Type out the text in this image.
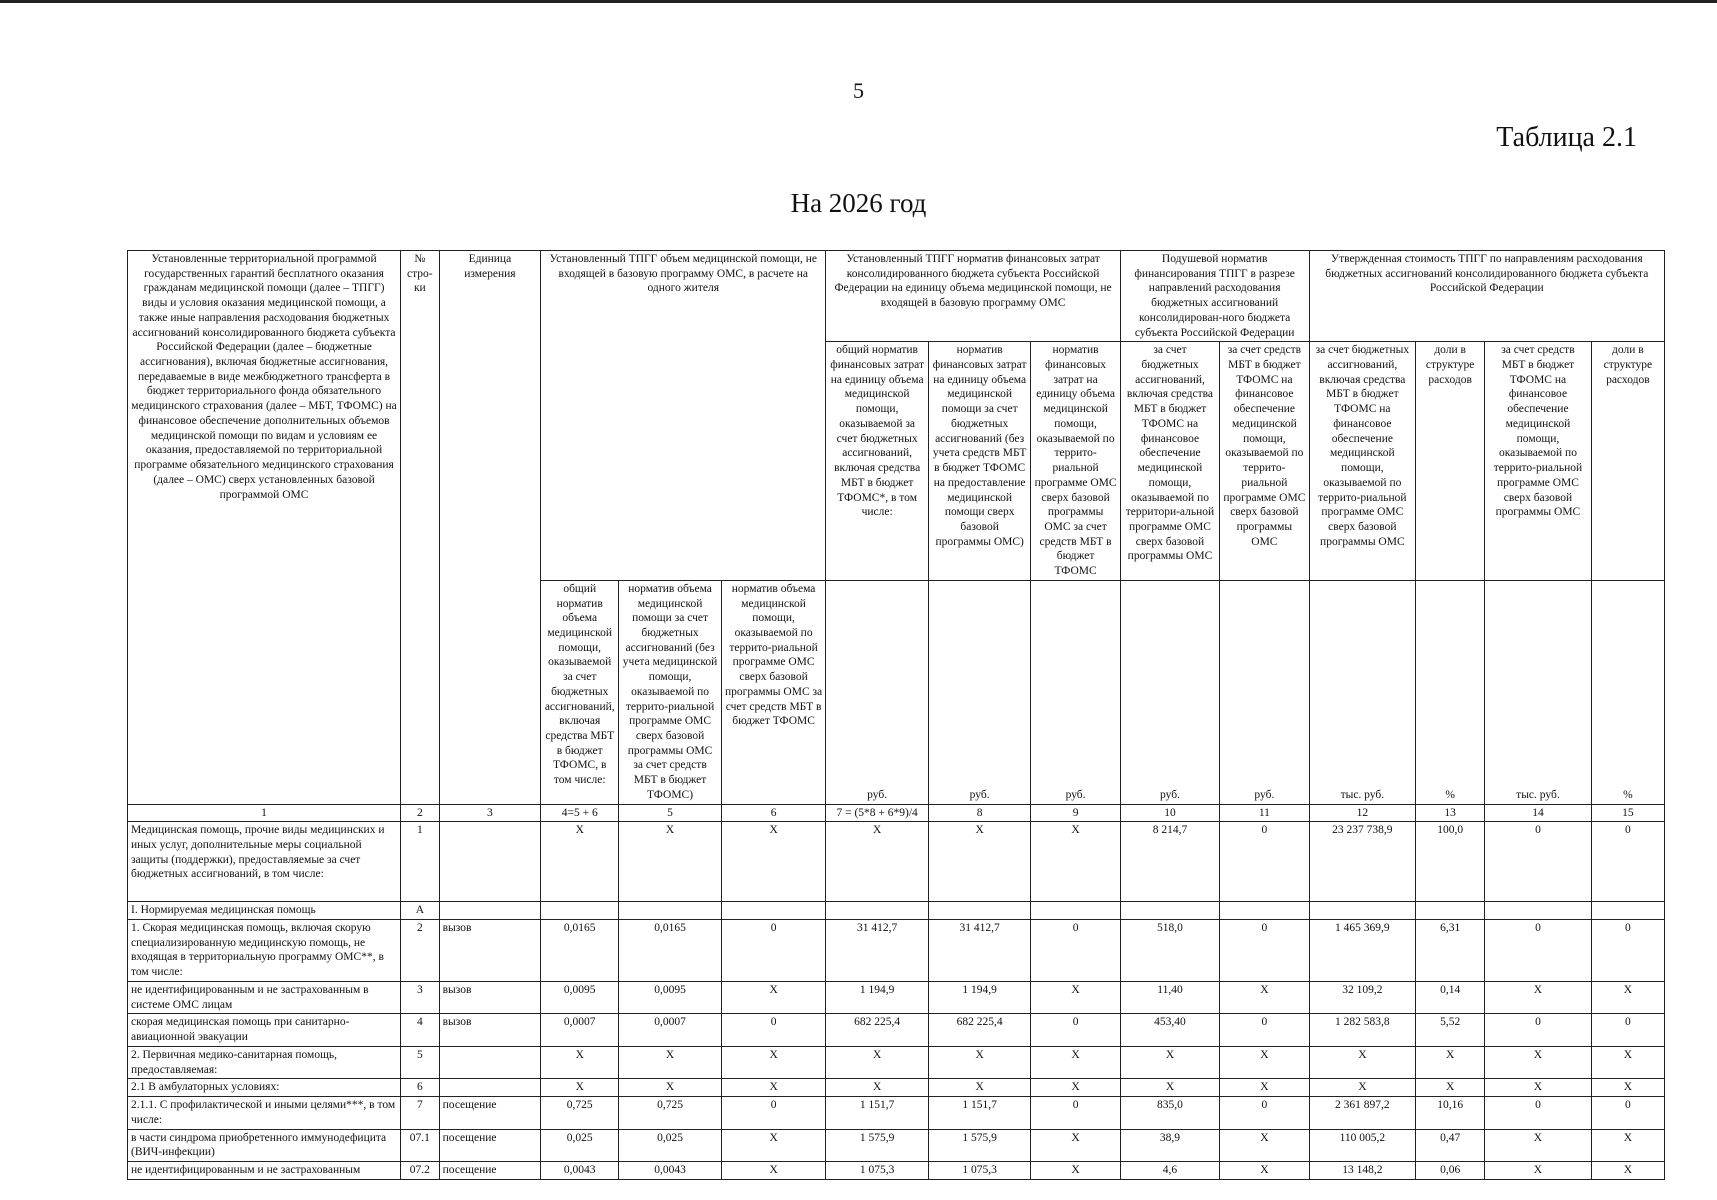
5
Таблица 2.1
На 2026 год
Установленные территориальной программой государственных гарантий бесплатного оказания гражданам медицинской помощи (далее – ТПГГ) виды и условия оказания медицинской помощи, а также иные направления расходования бюджетных ассигнований консолидированного бюджета субъекта Российской Федерации (далее – бюджетные ассигнования), включая бюджетные ассигнования, передаваемые в виде межбюджетного трансферта в бюджет территориального фонда обязательного медицинского страхования (далее – МБТ, ТФОМС) на финансовое обеспечение дополнительных объемов медицинской помощи по видам и условиям ее оказания, предоставляемой по территориальной программе обязательного медицинского страхования (далее – ОМС) сверх установленных базовой программой ОМС	№ стро-ки	Единица измерения	Установленный ТПГГ объем медицинской помощи, не входящей в базовую программу ОМС, в расчете на одного жителя			Установленный ТПГГ норматив финансовых затрат консолидированного бюджета субъекта Российской Федерации на единицу объема медицинской помощи, не входящей в базовую программу ОМС			Подушевой норматив финансирования ТПГГ в разрезе направлений расходования бюджетных ассигнований консолидирован-ного бюджета субъекта Российской Федерации		Утвержденная стоимость ТПГГ по направлениям расходования бюджетных ассигнований консолидированного бюджета субъекта Российской Федерации			
						общий норматив финансовых затрат на единицу объема медицинской помощи, оказываемой за счет бюджетных ассигнований, включая средства МБТ в бюджет ТФОМС*, в том числе:	норматив финансовых затрат на единицу объема медицинской помощи за счет бюджетных ассигнований (без учета средств МБТ в бюджет ТФОМС на предоставление медицинской помощи сверх базовой программы ОМС)	норматив финансовых затрат на единицу объема медицинской помощи, оказываемой по террито-риальной программе ОМС сверх базовой программы ОМС за счет средств МБТ в бюджет ТФОМС	за счет бюджетных ассигнований, включая средства МБТ в бюджет ТФОМС на финансовое обеспечение медицинской помощи, оказываемой по территори-альной программе ОМС сверх базовой программы ОМС	за счет средств МБТ в бюджет ТФОМС на финансовое обеспечение медицинской помощи, оказываемой по террито-риальной программе ОМС сверх базовой программы ОМС	за счет бюджетных ассигнований, включая средства МБТ в бюджет ТФОМС на финансовое обеспечение медицинской помощи, оказываемой по террито-риальной программе ОМС сверх базовой программы ОМС	доли в структуре расходов	за счет средств МБТ в бюджет ТФОМС на финансовое обеспечение медицинской помощи, оказываемой по террито-риальной программе ОМС сверх базовой программы ОМС	доли в структуре расходов
			общий норматив объема медицинской помощи, оказываемой за счет бюджетных ассигнований, включая средства МБТ в бюджет ТФОМС, в том числе:	норматив объема медицинской помощи за счет бюджетных ассигнований (без учета медицинской помощи, оказываемой по террито-риальной программе ОМС сверх базовой программы ОМС за счет средств МБТ в бюджет ТФОМС)	норматив объема медицинской помощи, оказываемой по террито-риальной программе ОМС сверх базовой программы ОМС за счет средств МБТ в бюджет ТФОМС	руб.	руб.	руб.	руб.	руб.	тыс. руб.	%	тыс. руб.	%

1	2	3	4=5 + 6	5	6	7 = (5*8 + 6*9)/4	8	9	10	11	12	13	14	15
Медицинская помощь, прочие виды медицинских и иных услуг, дополнительные меры социальной защиты (поддержки), предоставляемые за счет бюджетных ассигнований, в том числе:	1		X	X	X	X	X	X	8 214,7	0	23 237 738,9	100,0	0	0
I. Нормируемая медицинская помощь	А													
1. Скорая медицинская помощь, включая скорую специализированную медицинскую помощь, не входящая в территориальную программу ОМС**, в том числе:	2	вызов	0,0165	0,0165	0	31 412,7	31 412,7	0	518,0	0	1 465 369,9	6,31	0	0
не идентифицированным и не застрахованным в системе ОМС лицам	3	вызов	0,0095	0,0095	X	1 194,9	1 194,9	X	11,40	X	32 109,2	0,14	X	X
скорая медицинская помощь при санитарно-авиационной эвакуации	4	вызов	0,0007	0,0007	0	682 225,4	682 225,4	0	453,40	0	1 282 583,8	5,52	0	0
2. Первичная медико-санитарная помощь, предоставляемая:	5		X	X	X	X	X	X	X	X	X	X	X	X
2.1 В амбулаторных условиях:	6		X	X	X	X	X	X	X	X	X	X	X	X
2.1.1. С профилактической и иными целями***, в том числе:	7	посещение	0,725	0,725	0	1 151,7	1 151,7	0	835,0	0	2 361 897,2	10,16	0	0
в части синдрома приобретенного иммунодефицита (ВИЧ-инфекции)	07.1	посещение	0,025	0,025	X	1 575,9	1 575,9	X	38,9	X	110 005,2	0,47	X	X
не идентифицированным и не застрахованным	07.2	посещение	0,0043	0,0043	X	1 075,3	1 075,3	X	4,6	X	13 148,2	0,06	X	X
